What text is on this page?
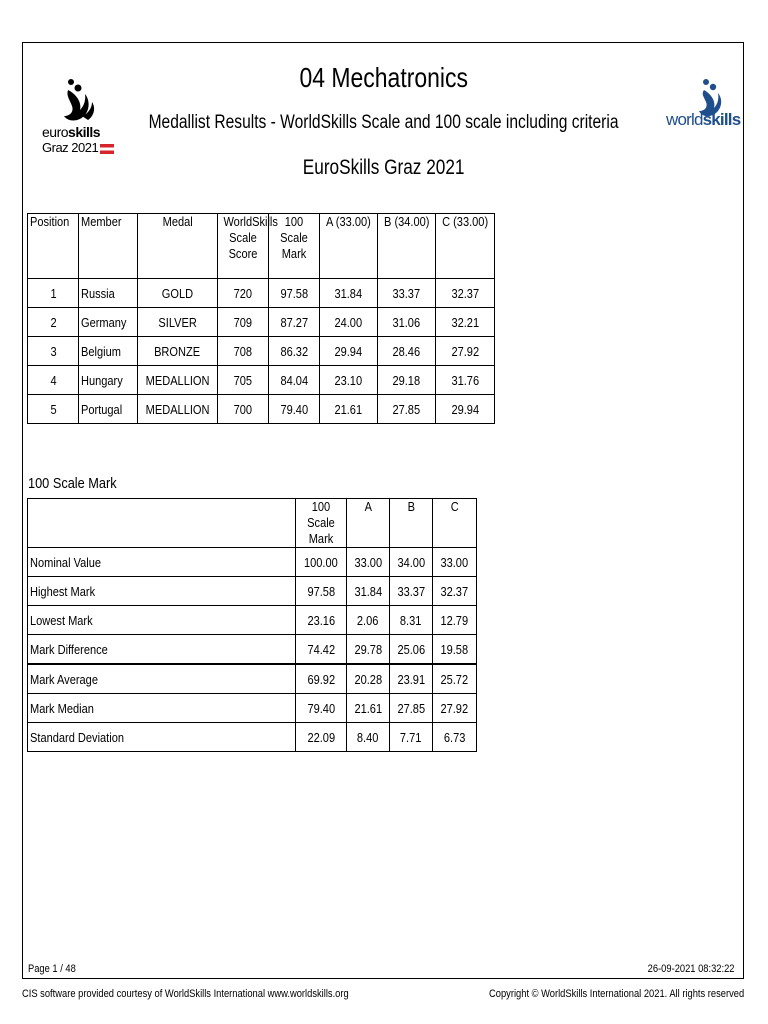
euroskills
Graz 2021
worldskills
04 Mechatronics
Medallist Results - WorldSkills Scale and 100 scale including criteria
EuroSkills Graz 2021
Position	Member	Medal	WorldSkills Scale Score	100 Scale Mark	A (33.00)	B (34.00)	C (33.00)
1	Russia	GOLD	720	97.58	31.84	33.37	32.37
2	Germany	SILVER	709	87.27	24.00	31.06	32.21
3	Belgium	BRONZE	708	86.32	29.94	28.46	27.92
4	Hungary	MEDALLION	705	84.04	23.10	29.18	31.76
5	Portugal	MEDALLION	700	79.40	21.61	27.85	29.94
100 Scale Mark

	100 Scale Mark	A	B	C
Nominal Value	100.00	33.00	34.00	33.00
Highest Mark	97.58	31.84	33.37	32.37
Lowest Mark	23.16	2.06	8.31	12.79
Mark Difference	74.42	29.78	25.06	19.58
Mark Average	69.92	20.28	23.91	25.72
Mark Median	79.40	21.61	27.85	27.92
Standard Deviation	22.09	8.40	7.71	6.73
Page 1 / 48	26-09-2021 08:32:22
CIS software provided courtesy of WorldSkills International www.worldskills.org	Copyright © WorldSkills International 2021. All rights reserved
